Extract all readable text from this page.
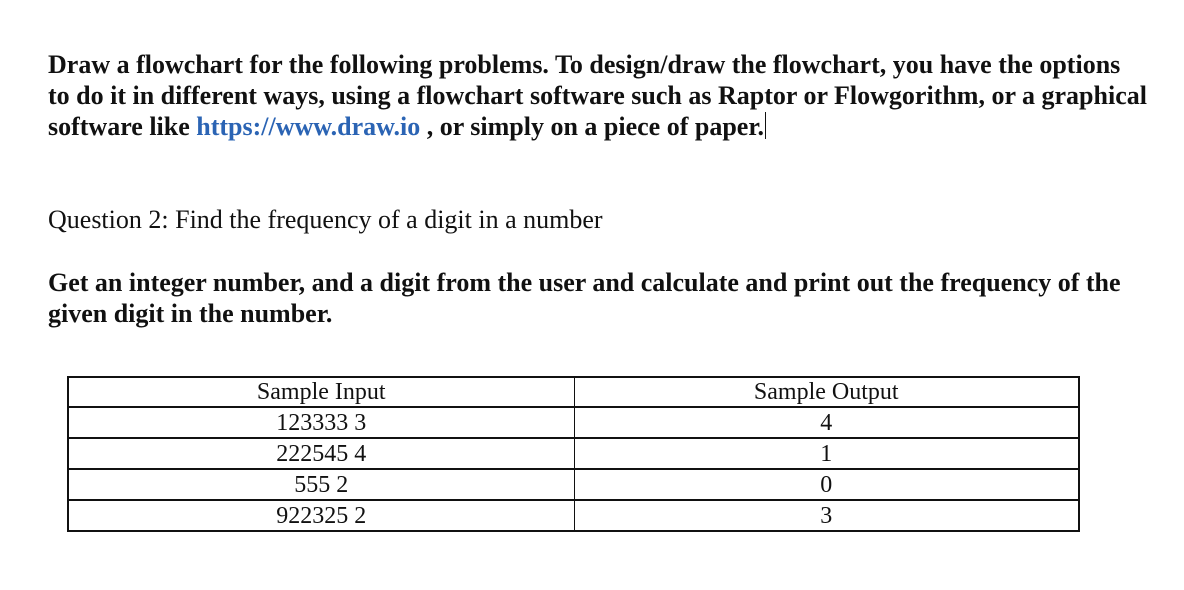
Draw a flowchart for the following problems. To design/draw the flowchart, you have the options to do it in different ways, using a flowchart software such as Raptor or Flowgorithm, or a graphical software like https://www.draw.io , or simply on a piece of paper.

Question 2: Find the frequency of a digit in a number

Get an integer number, and a digit from the user and calculate and print out the frequency of the given digit in the number.

Sample Input	Sample Output
123333 3	4
222545 4	1
555 2	0
922325 2	3
